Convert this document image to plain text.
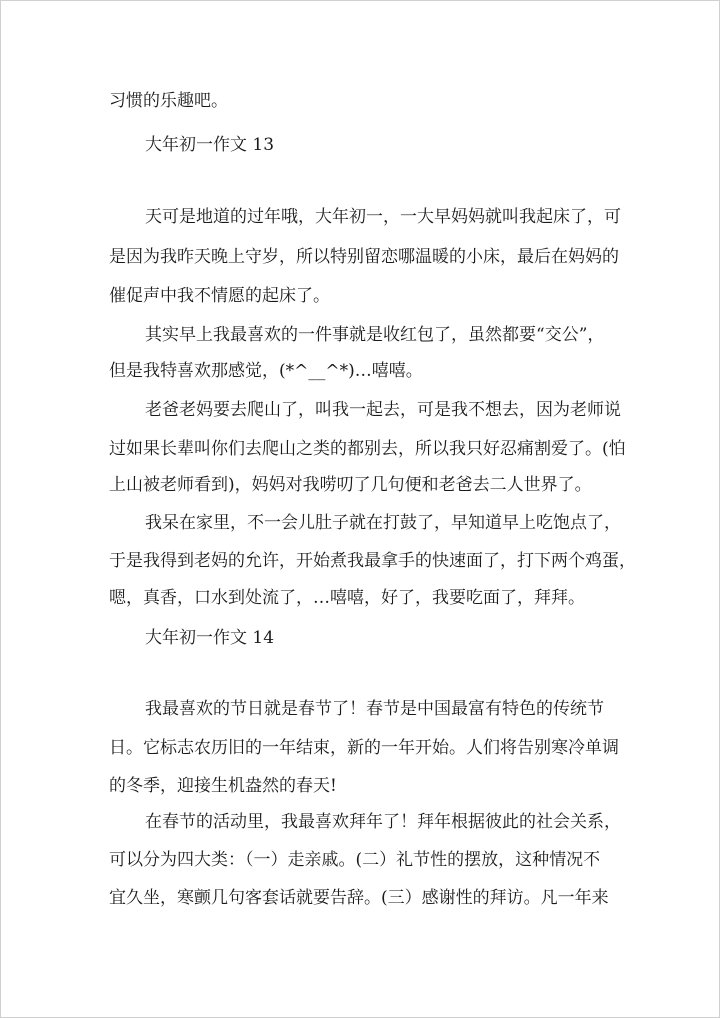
习惯的乐趣吧。
大年初一作文 13
天可是地道的过年哦，大年初一，一大早妈妈就叫我起床了，可
是因为我昨天晚上守岁，所以特别留恋哪温暖的小床，最后在妈妈的
催促声中我不情愿的起床了。
其实早上我最喜欢的一件事就是收红包了，虽然都要“交公”，
但是我特喜欢那感觉，(*^__^*)…嘻嘻。
老爸老妈要去爬山了，叫我一起去，可是我不想去，因为老师说
过如果长辈叫你们去爬山之类的都别去，所以我只好忍痛割爱了。(怕
上山被老师看到)，妈妈对我唠叨了几句便和老爸去二人世界了。
我呆在家里，不一会儿肚子就在打鼓了，早知道早上吃饱点了，
于是我得到老妈的允许，开始煮我最拿手的快速面了，打下两个鸡蛋，
嗯，真香，口水到处流了，…嘻嘻，好了，我要吃面了，拜拜。
大年初一作文 14
我最喜欢的节日就是春节了！春节是中国最富有特色的传统节
日。它标志农历旧的一年结束，新的一年开始。人们将告别寒冷单调
的冬季，迎接生机盎然的春天!
在春节的活动里，我最喜欢拜年了！拜年根据彼此的社会关系，
可以分为四大类：（一）走亲戚。(二）礼节性的摆放，这种情况不
宜久坐，寒颤几句客套话就要告辞。(三）感谢性的拜访。凡一年来
